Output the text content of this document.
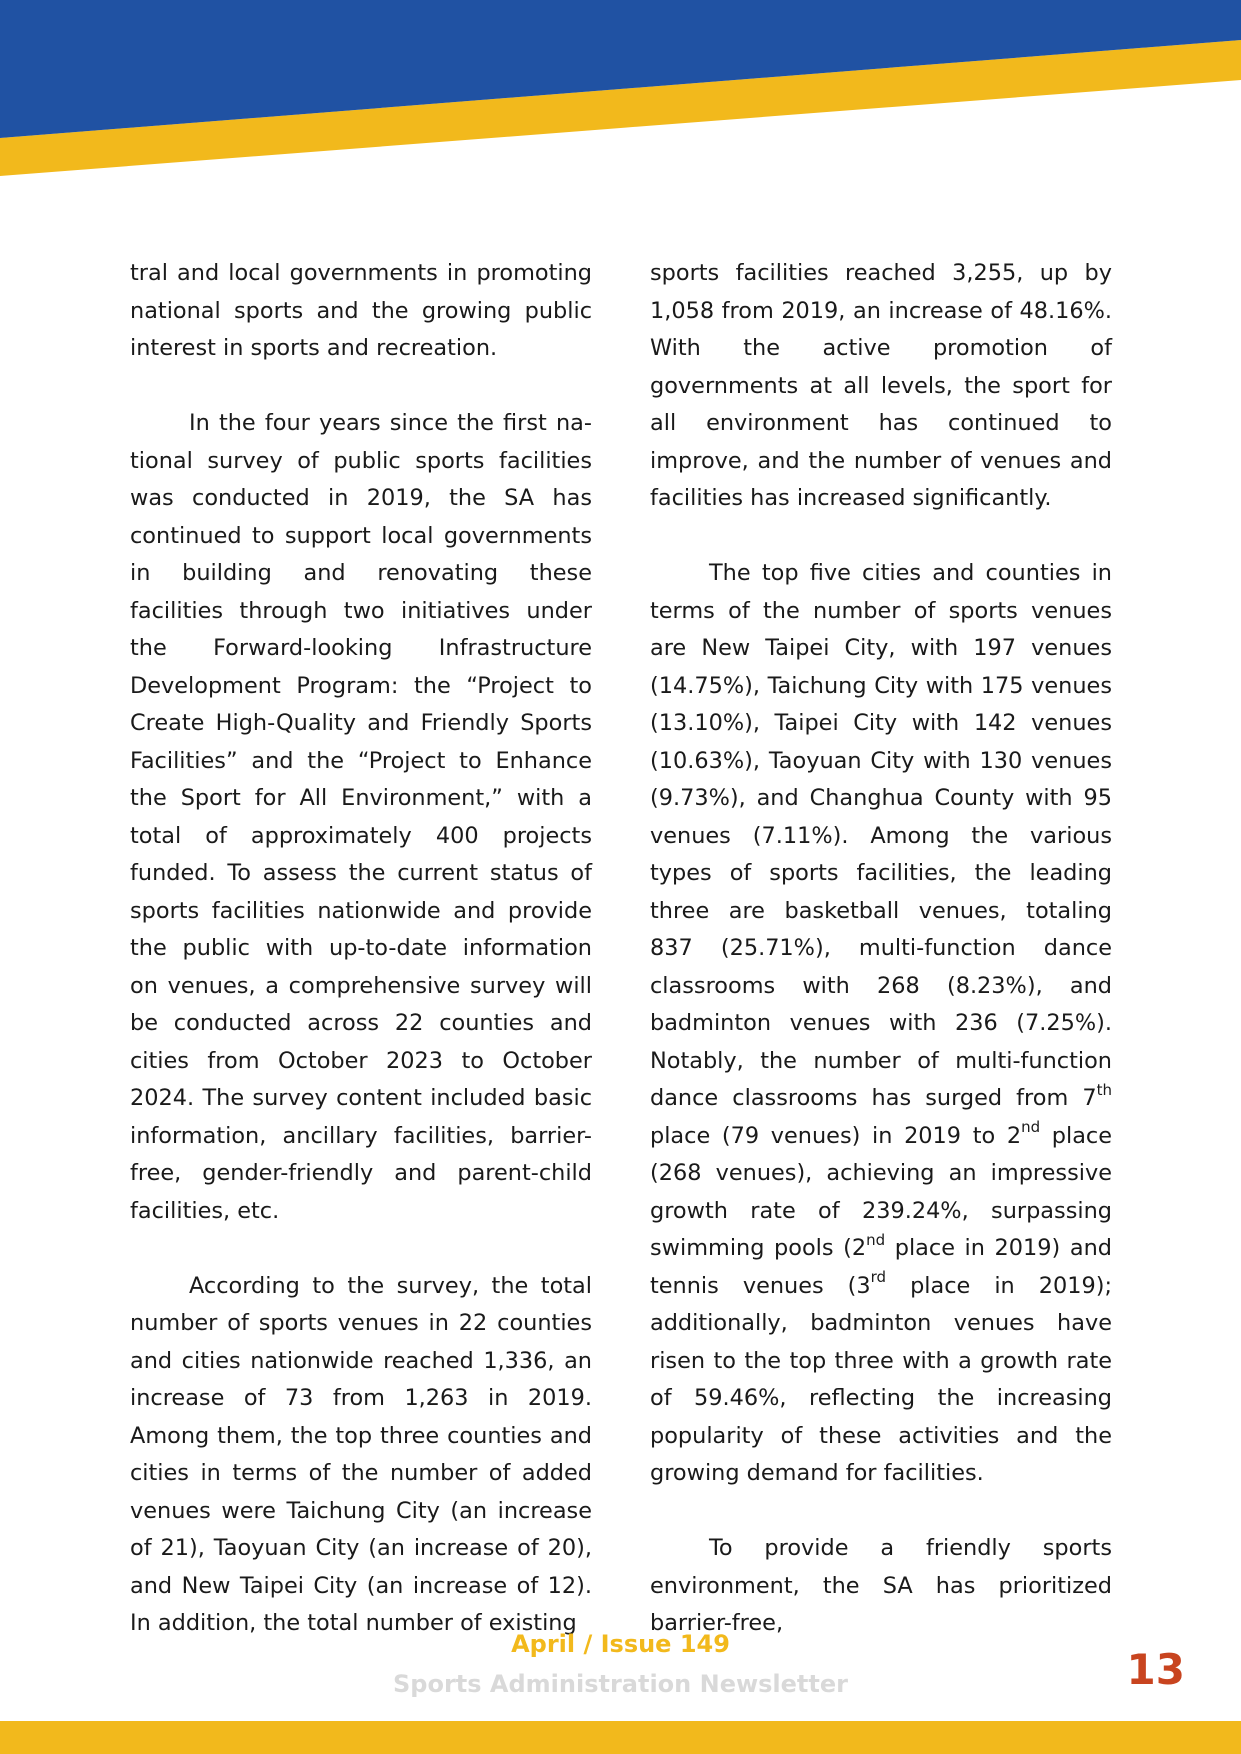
tral and local governments in promoting national sports and the growing public interest in sports and recreation.

In the four years since the first national survey of public sports facilities was conducted in 2019, the SA has continued to support local governments in building and renovating these facilities through two initiatives under the Forward-looking Infrastructure Development Program: the “Project to Create High-Quality and Friendly Sports Facilities” and the “Project to Enhance the Sport for All Environment,” with a total of approximately 400 projects funded. To assess the current status of sports facilities nationwide and provide the public with up-to-date information on venues, a comprehensive survey will be conducted across 22 counties and cities from October 2023 to October 2024. The survey content included basic information, ancillary facilities, barrier-free, gender-friendly and parent-child facilities, etc.

According to the survey, the total number of sports venues in 22 counties and cities nationwide reached 1,336, an increase of 73 from 1,263 in 2019. Among them, the top three counties and cities in terms of the number of added venues were Taichung City (an increase of 21), Taoyuan City (an increase of 20), and New Taipei City (an increase of 12). In addition, the total number of existing

sports facilities reached 3,255, up by 1,058 from 2019, an increase of 48.16%. With the active promotion of governments at all levels, the sport for all environment has continued to improve, and the number of venues and facilities has increased significantly.

The top five cities and counties in terms of the number of sports venues are New Taipei City, with 197 venues (14.75%), Taichung City with 175 venues (13.10%), Taipei City with 142 venues (10.63%), Taoyuan City with 130 venues (9.73%), and Changhua County with 95 venues (7.11%). Among the various types of sports facilities, the leading three are basketball venues, totaling 837 (25.71%), multi-function dance classrooms with 268 (8.23%), and badminton venues with 236 (7.25%). Notably, the number of multi-function dance classrooms has surged from 7th place (79 venues) in 2019 to 2nd place (268 venues), achieving an impressive growth rate of 239.24%, surpassing swimming pools (2nd place in 2019) and tennis venues (3rd place in 2019); additionally, badminton venues have risen to the top three with a growth rate of 59.46%, reflecting the increasing popularity of these activities and the growing demand for facilities.

To provide a friendly sports environment, the SA has prioritized barrier-free,

April / Issue 149
Sports Administration Newsletter	13
